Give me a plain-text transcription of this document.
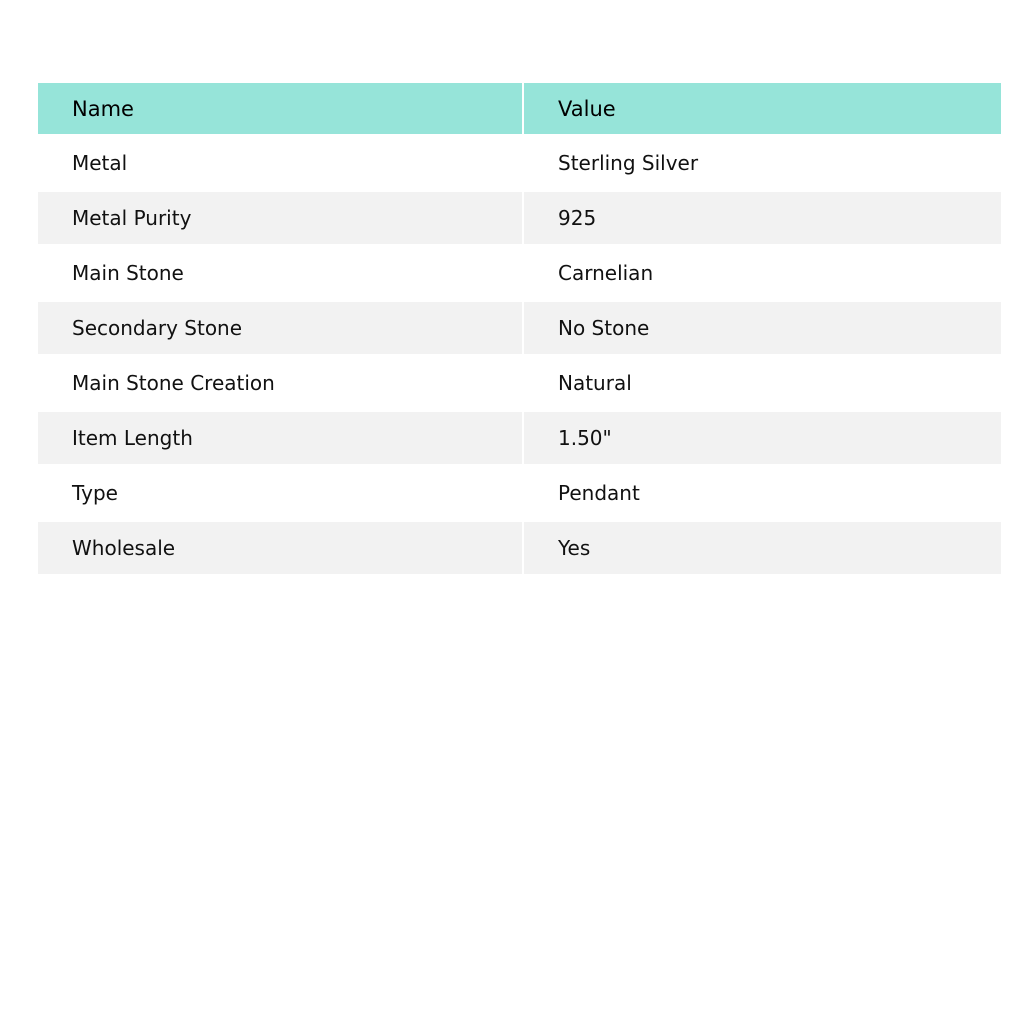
Name	Value
Metal	Sterling Silver
Metal Purity	925
Main Stone	Carnelian
Secondary Stone	No Stone
Main Stone Creation	Natural
Item Length	1.50"
Type	Pendant
Wholesale	Yes
